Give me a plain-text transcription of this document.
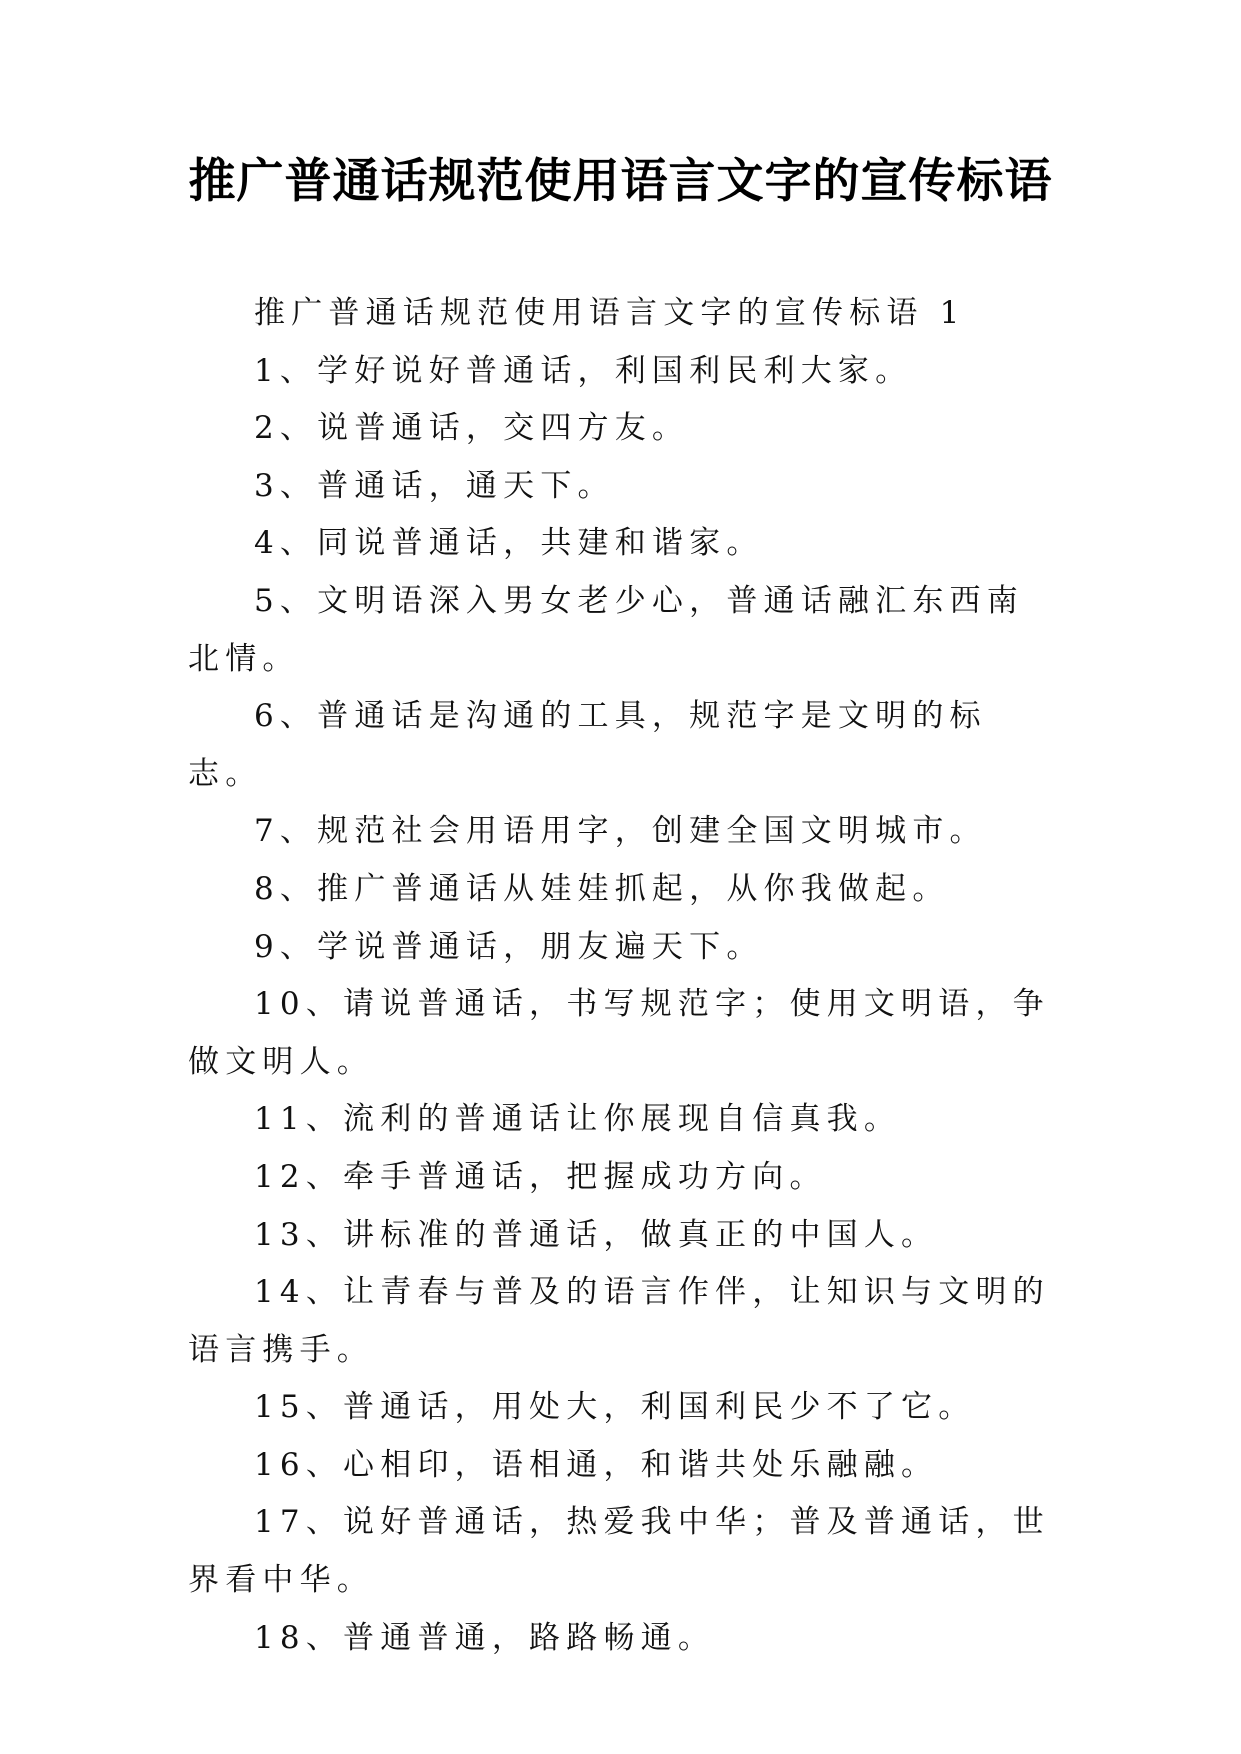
推广普通话规范使用语言文字的宣传标语

推广普通话规范使用语言文字的宣传标语 1

1、学好说好普通话，利国利民利大家。

2、说普通话，交四方友。

3、普通话，通天下。

4、同说普通话，共建和谐家。

5、文明语深入男女老少心，普通话融汇东西南北情。

6、普通话是沟通的工具，规范字是文明的标志。

7、规范社会用语用字，创建全国文明城市。

8、推广普通话从娃娃抓起，从你我做起。

9、学说普通话，朋友遍天下。

10、请说普通话，书写规范字；使用文明语，争做文明人。

11、流利的普通话让你展现自信真我。

12、牵手普通话，把握成功方向。

13、讲标准的普通话，做真正的中国人。

14、让青春与普及的语言作伴，让知识与文明的语言携手。

15、普通话，用处大，利国利民少不了它。

16、心相印，语相通，和谐共处乐融融。

17、说好普通话，热爱我中华；普及普通话，世界看中华。

18、普通普通，路路畅通。
